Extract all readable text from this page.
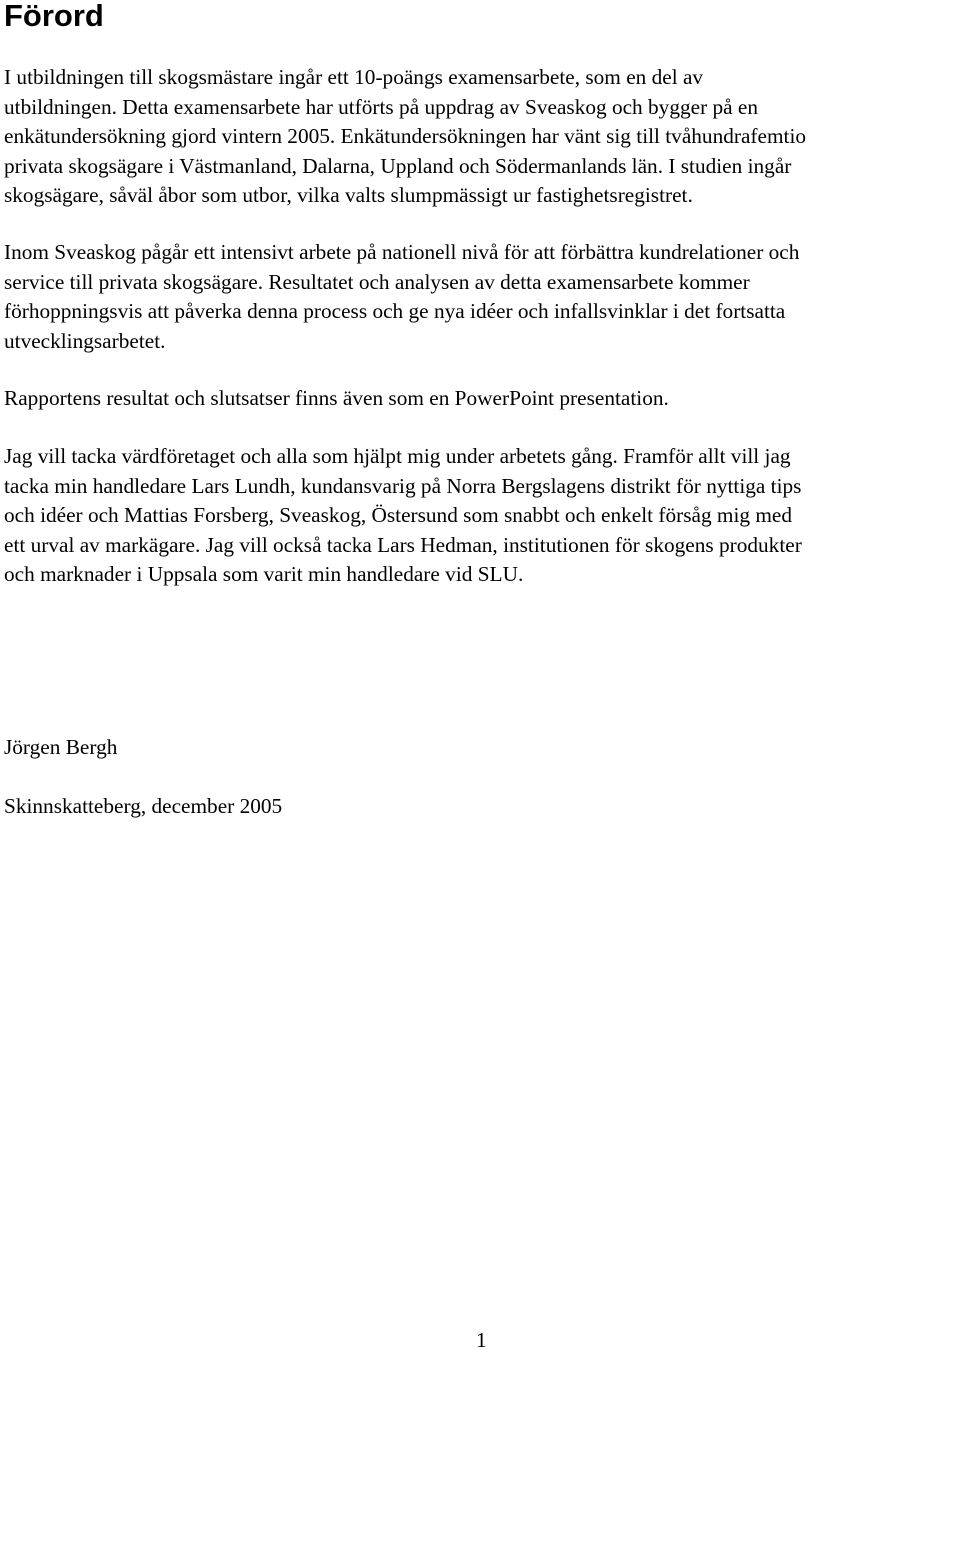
Förord

I utbildningen till skogsmästare ingår ett 10-poängs examensarbete, som en del av
utbildningen. Detta examensarbete har utförts på uppdrag av Sveaskog och bygger på en
enkätundersökning gjord vintern 2005. Enkätundersökningen har vänt sig till tvåhundrafemtio
privata skogsägare i Västmanland, Dalarna, Uppland och Södermanlands län. I studien ingår
skogsägare, såväl åbor som utbor, vilka valts slumpmässigt ur fastighetsregistret.

Inom Sveaskog pågår ett intensivt arbete på nationell nivå för att förbättra kundrelationer och
service till privata skogsägare. Resultatet och analysen av detta examensarbete kommer
förhoppningsvis att påverka denna process och ge nya idéer och infallsvinklar i det fortsatta
utvecklingsarbetet.

Rapportens resultat och slutsatser finns även som en PowerPoint presentation.

Jag vill tacka värdföretaget och alla som hjälpt mig under arbetets gång. Framför allt vill jag
tacka min handledare Lars Lundh, kundansvarig på Norra Bergslagens distrikt för nyttiga tips
och idéer och Mattias Forsberg, Sveaskog, Östersund som snabbt och enkelt försåg mig med
ett urval av markägare. Jag vill också tacka Lars Hedman, institutionen för skogens produkter
och marknader i Uppsala som varit min handledare vid SLU.

Jörgen Bergh

Skinnskatteberg, december 2005

1
